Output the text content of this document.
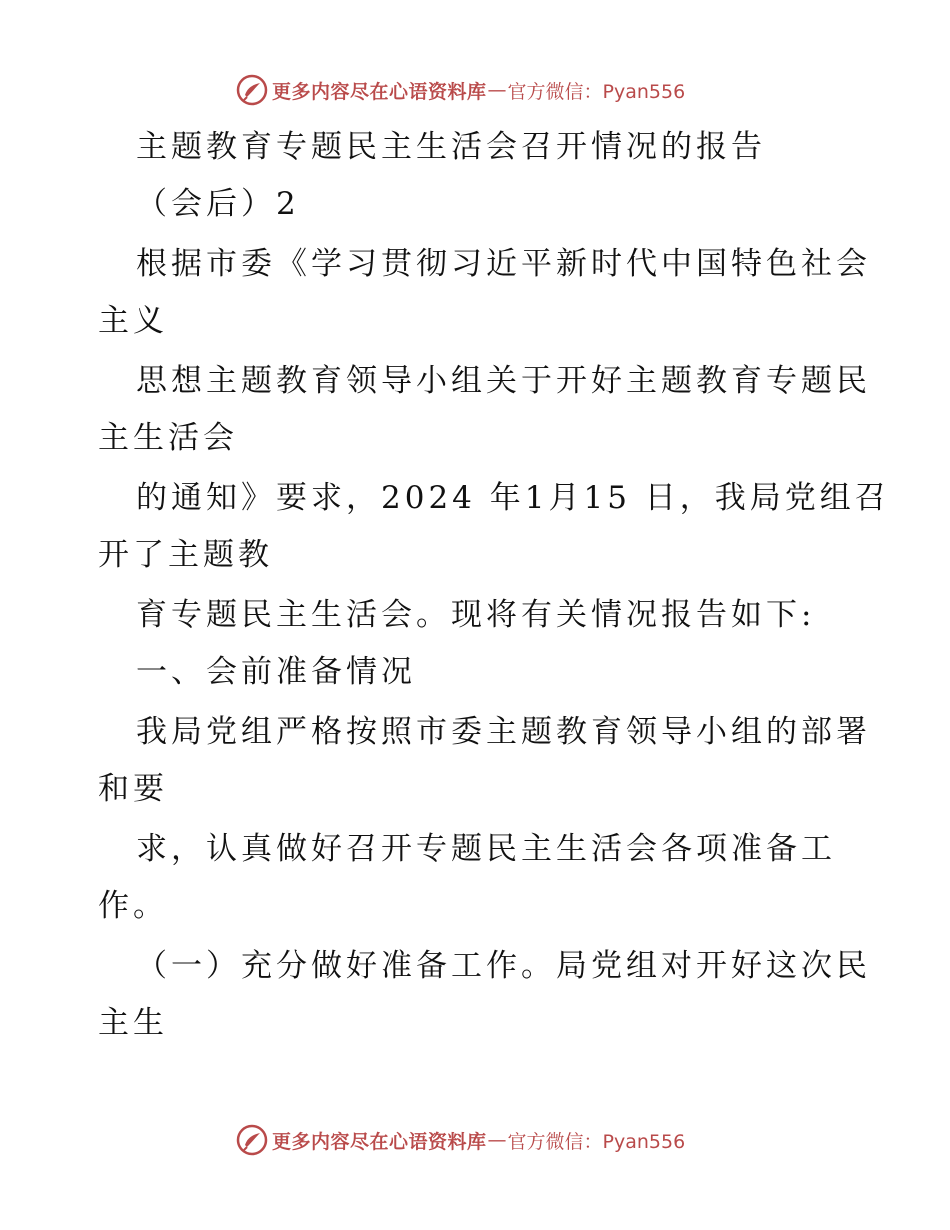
更多内容尽在心语资料库 — 官方微信：Pyan556
主题教育专题民主生活会召开情况的报告
（会后）2
根据市委《学习贯彻习近平新时代中国特色社会
主义
思想主题教育领导小组关于开好主题教育专题民
主生活会
的通知》要求，2024 年1月15 日，我局党组召
开了主题教
育专题民主生活会。现将有关情况报告如下:
一、会前准备情况
我局党组严格按照市委主题教育领导小组的部署
和要
求，认真做好召开专题民主生活会各项准备工
作。
（一）充分做好准备工作。局党组对开好这次民
主生
更多内容尽在心语资料库 — 官方微信：Pyan556
